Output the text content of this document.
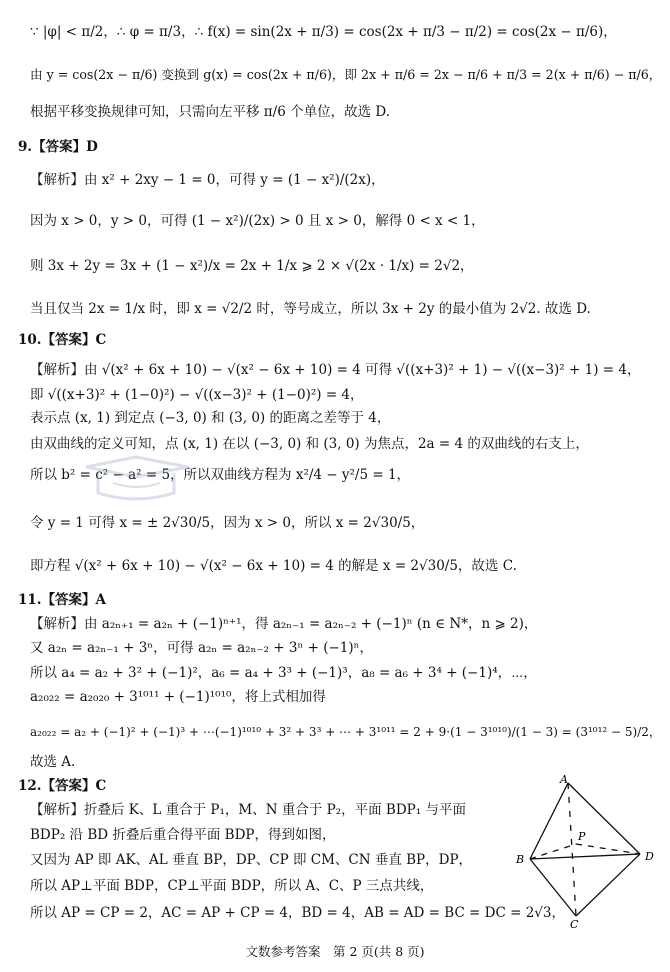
∵ |φ| < π/2，∴ φ = π/3，∴ f(x) = sin(2x + π/3) = cos(2x + π/3 − π/2) = cos(2x − π/6)，
由 y = cos(2x − π/6) 变换到 g(x) = cos(2x + π/6)，即 2x + π/6 = 2x − π/6 + π/3 = 2(x + π/6) − π/6，
根据平移变换规律可知，只需向左平移 π/6 个单位，故选 D.
9.【答案】D
【解析】由 x² + 2xy − 1 = 0，可得 y = (1 − x²)/(2x)，
因为 x > 0，y > 0，可得 (1 − x²)/(2x) > 0 且 x > 0，解得 0 < x < 1，
则 3x + 2y = 3x + (1 − x²)/x = 2x + 1/x ⩾ 2 × √(2x · 1/x) = 2√2，
当且仅当 2x = 1/x 时，即 x = √2/2 时，等号成立，所以 3x + 2y 的最小值为 2√2. 故选 D.
10.【答案】C
【解析】由 √(x² + 6x + 10) − √(x² − 6x + 10) = 4 可得 √((x+3)² + 1) − √((x−3)² + 1) = 4，
即 √((x+3)² + (1−0)²) − √((x−3)² + (1−0)²) = 4，
表示点 (x, 1) 到定点 (−3, 0) 和 (3, 0) 的距离之差等于 4，
由双曲线的定义可知，点 (x, 1) 在以 (−3, 0) 和 (3, 0) 为焦点，2a = 4 的双曲线的右支上，
所以 b² = c² − a² = 5，所以双曲线方程为 x²/4 − y²/5 = 1，
令 y = 1 可得 x = ± 2√30/5，因为 x > 0，所以 x = 2√30/5，
即方程 √(x² + 6x + 10) − √(x² − 6x + 10) = 4 的解是 x = 2√30/5，故选 C.
11.【答案】A
【解析】由 a₂ₙ₊₁ = a₂ₙ + (−1)ⁿ⁺¹，得 a₂ₙ₋₁ = a₂ₙ₋₂ + (−1)ⁿ (n ∈ N*，n ⩾ 2)，
又 a₂ₙ = a₂ₙ₋₁ + 3ⁿ，可得 a₂ₙ = a₂ₙ₋₂ + 3ⁿ + (−1)ⁿ，
所以 a₄ = a₂ + 3² + (−1)²，a₆ = a₄ + 3³ + (−1)³，a₈ = a₆ + 3⁴ + (−1)⁴，⋯，
a₂₀₂₂ = a₂₀₂₀ + 3¹⁰¹¹ + (−1)¹⁰¹⁰，将上式相加得
a₂₀₂₂ = a₂ + (−1)² + (−1)³ + ⋯(−1)¹⁰¹⁰ + 3² + 3³ + ⋯ + 3¹⁰¹¹ = 2 + 9·(1 − 3¹⁰¹⁰)/(1 − 3) = (3¹⁰¹² − 5)/2，
故选 A.
12.【答案】C
【解析】折叠后 K、L 重合于 P₁，M、N 重合于 P₂，平面 BDP₁ 与平面
BDP₂ 沿 BD 折叠后重合得平面 BDP，得到如图，
又因为 AP 即 AK、AL 垂直 BP，DP、CP 即 CM、CN 垂直 BP，DP，
所以 AP⊥平面 BDP，CP⊥平面 BDP，所以 A、C、P 三点共线，
所以 AP = CP = 2，AC = AP + CP = 4，BD = 4，AB = AD = BC = DC = 2√3，
A
B
C
D
P
文数参考答案　第 2 页(共 8 页)
